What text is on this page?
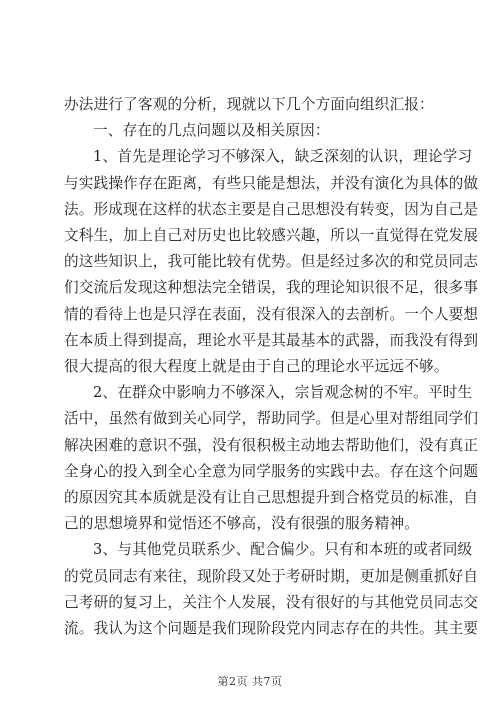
办法进行了客观的分析，现就以下几个方面向组织汇报：

一、存在的几点问题以及相关原因：

1、首先是理论学习不够深入，缺乏深刻的认识，理论学习
与实践操作存在距离，有些只能是想法，并没有演化为具体的做
法。形成现在这样的状态主要是自己思想没有转变，因为自己是
文科生，加上自己对历史也比较感兴趣，所以一直觉得在党发展
的这些知识上，我可能比较有优势。但是经过多次的和党员同志
们交流后发现这种想法完全错误，我的理论知识很不足，很多事
情的看待上也是只浮在表面，没有很深入的去剖析。一个人要想
在本质上得到提高，理论水平是其最基本的武器，而我没有得到
很大提高的很大程度上就是由于自己的理论水平远远不够。

2、在群众中影响力不够深入，宗旨观念树的不牢。平时生
活中，虽然有做到关心同学，帮助同学。但是心里对帮组同学们
解决困难的意识不强，没有很积极主动地去帮助他们，没有真正
全身心的投入到全心全意为同学服务的实践中去。存在这个问题
的原因究其本质就是没有让自己思想提升到合格党员的标准，自
己的思想境界和觉悟还不够高，没有很强的服务精神。

3、与其他党员联系少、配合偏少。只有和本班的或者同级
的党员同志有来往，现阶段又处于考研时期，更加是侧重抓好自
己考研的复习上，关注个人发展，没有很好的与其他党员同志交
流。我认为这个问题是我们现阶段党内同志存在的共性。其主要

第2页 共7页
